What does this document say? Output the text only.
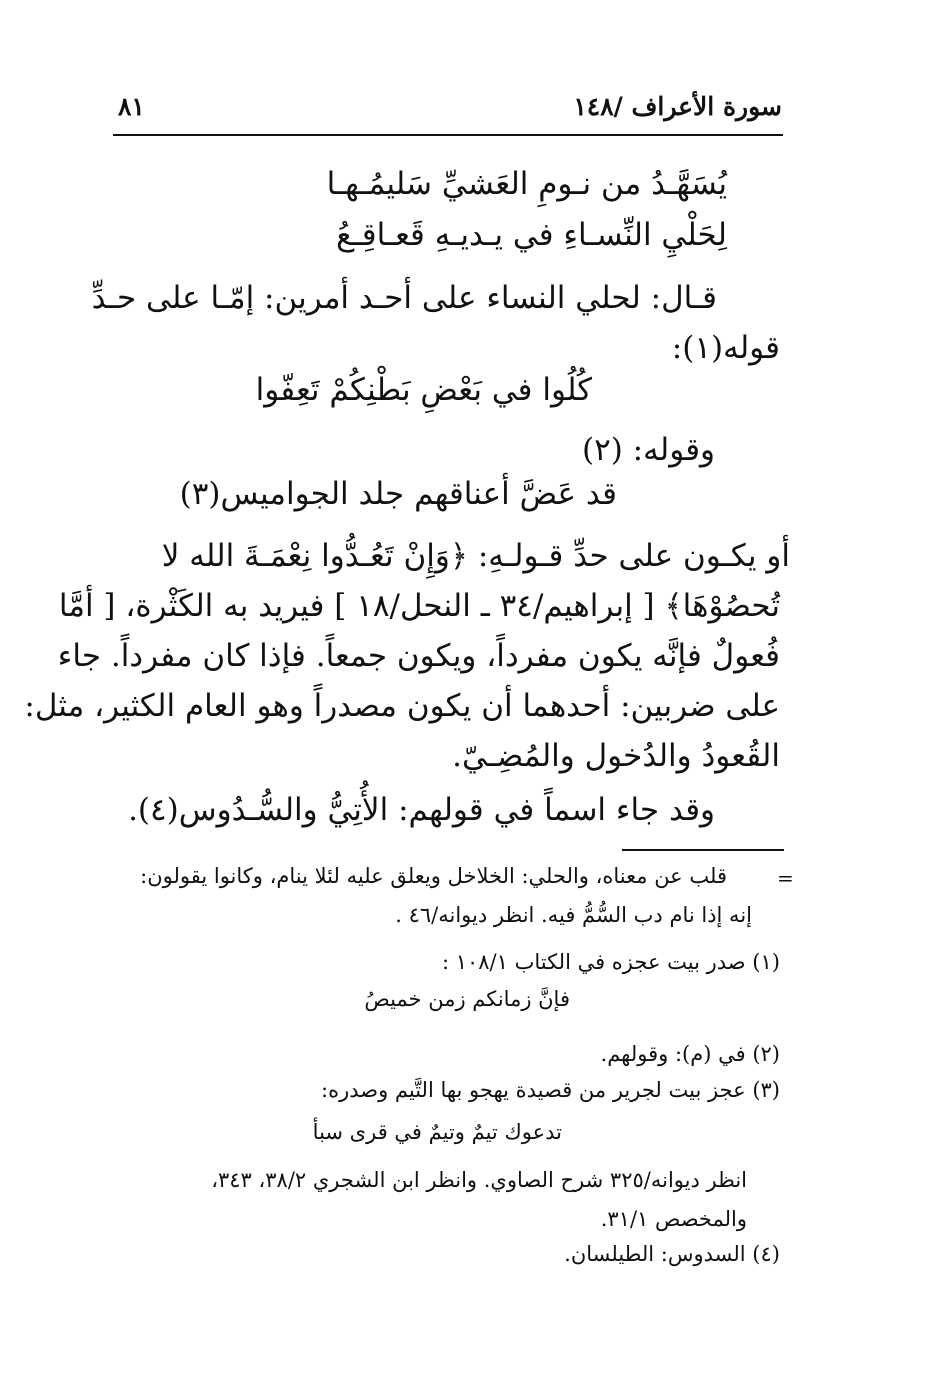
٨١	سورة الأعراف /١٤٨
يُسَهَّـدُ من نـومِ العَشيِّ سَليمُـهـا
لِحَلْيِ النِّسـاءِ في يـديـهِ قَعـاقِـعُ
قـال: لحلي النساء على أحـد أمرين: إمّـا على حـدِّ
قوله(١):
كُلُوا في بَعْضِ بَطْنِكُمْ تَعِفّوا
وقوله: (٢)
قد عَضَّ أعناقهم جلد الجواميس(٣)
أو يكـون على حدِّ قـولـهِ: ﴿وَإِنْ تَعُـدُّوا نِعْمَـةَ الله لا
تُحصُوْهَا﴾ [ إبراهيم/٣٤ ـ النحل/١٨ ] فيريد به الكَثْرة، [ أمَّا
فُعولٌ فإنَّه يكون مفرداً، ويكون جمعاً. فإذا كان مفرداً. جاء
على ضربين: أحدهما أن يكون مصدراً وهو العام الكثير، مثل:
القُعودُ والدُخول والمُضِـيّ.
وقد جاء اسماً في قولهم: الأُتِيُّ والسُّـدُوس(٤).
=
قلب عن معناه، والحلي: الخلاخل ويعلق عليه لئلا ينام، وكانوا يقولون:
إنه إذا نام دب السُّمُّ فيه. انظر ديوانه/٤٦ .
(١) صدر بيت عجزه في الكتاب ١٠٨/١ :
فإنَّ زمانكم زمن خميصُ
(٢) في (م): وقولهم.
(٣) عجز بيت لجرير من قصيدة يهجو بها التَّيم وصدره:
تدعوك تيمٌ وتيمٌ في قرى سبأ
انظر ديوانه/٣٢٥ شرح الصاوي. وانظر ابن الشجري ٣٨/٢، ٣٤٣،
والمخصص ٣١/١.
(٤) السدوس: الطيلسان.
